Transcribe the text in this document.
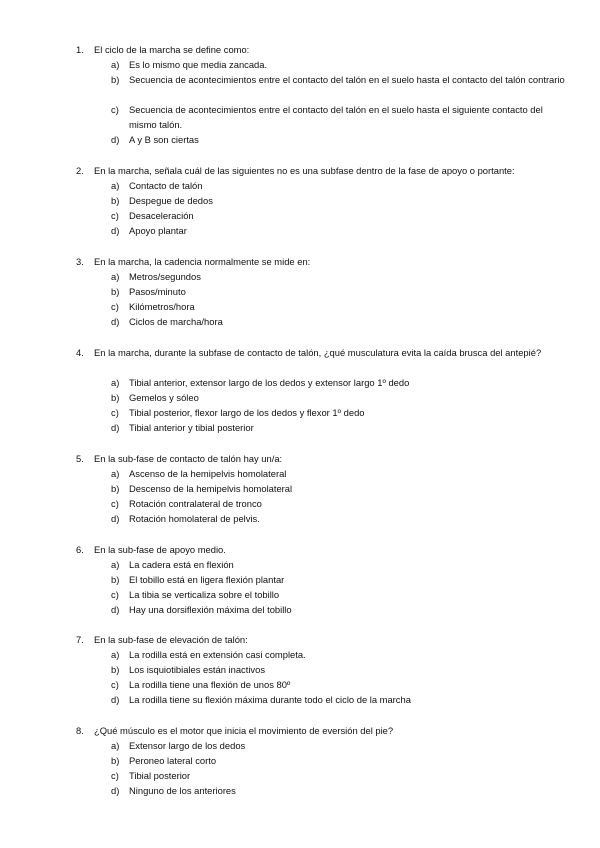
1. El ciclo de la marcha se define como:
a) Es lo mismo que media zancada.
b) Secuencia de acontecimientos entre el contacto del talón en el suelo hasta el contacto del talón contrario
c) Secuencia de acontecimientos entre el contacto del talón en el suelo hasta el siguiente contacto del mismo talón.
d) A y B son ciertas
2. En la marcha, señala cuál de las siguientes no es una subfase dentro de la fase de apoyo o portante:
a) Contacto de talón
b) Despegue de dedos
c) Desaceleración
d) Apoyo plantar
3. En la marcha, la cadencia normalmente se mide en:
a) Metros/segundos
b) Pasos/minuto
c) Kilómetros/hora
d) Ciclos de marcha/hora
4. En la marcha, durante la subfase de contacto de talón, ¿qué musculatura evita la caída brusca del antepié?
a) Tibial anterior, extensor largo de los dedos y extensor largo 1º dedo
b) Gemelos y sóleo
c) Tibial posterior, flexor largo de los dedos y flexor 1º dedo
d) Tibial anterior y tibial posterior
5. En la sub-fase de contacto de talón hay un/a:
a) Ascenso de la hemipelvis homolateral
b) Descenso de la hemipelvis homolateral
c) Rotación contralateral de tronco
d) Rotación homolateral de pelvis.
6. En la sub-fase de apoyo medio.
a) La cadera está en flexión
b) El tobillo está en ligera flexión plantar
c) La tibia se verticaliza sobre el tobillo
d) Hay una dorsiflexión máxima del tobillo
7. En la sub-fase de elevación de talón:
a) La rodilla está en extensión casi completa.
b) Los isquiotibiales están inactivos
c) La rodilla tiene una flexión de unos 80º
d) La rodilla tiene su flexión máxima durante todo el ciclo de la marcha
8. ¿Qué músculo es el motor que inicia el movimiento de eversión del pie?
a) Extensor largo de los dedos
b) Peroneo lateral corto
c) Tibial posterior
d) Ninguno de los anteriores
